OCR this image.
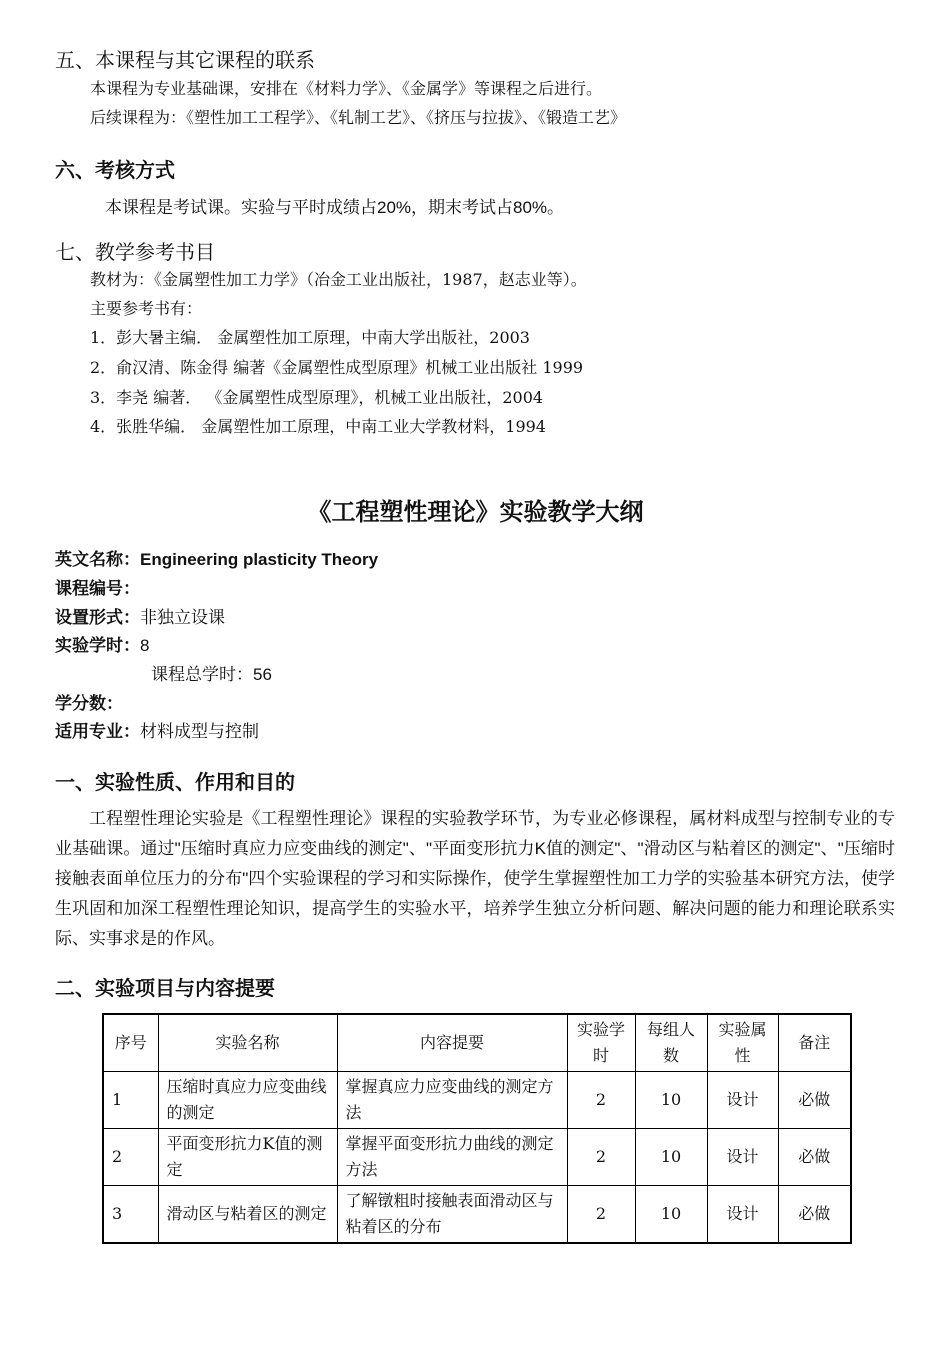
五、本课程与其它课程的联系
本课程为专业基础课，安排在《材料力学》、《金属学》等课程之后进行。
后续课程为：《塑性加工工程学》、《轧制工艺》、《挤压与拉拔》、《锻造工艺》
六、考核方式
本课程是考试课。实验与平时成绩占20%，期末考试占80%。
七、教学参考书目
教材为：《金属塑性加工力学》（冶金工业出版社，1987，赵志业等）。
主要参考书有：
1．彭大暑主编． 金属塑性加工原理，中南大学出版社，2003
2．俞汉清、陈金得 编著《金属塑性成型原理》机械工业出版社 1999
3．李尧 编著． 《金属塑性成型原理》，机械工业出版社，2004
4．张胜华编． 金属塑性加工原理，中南工业大学教材料，1994
《工程塑性理论》实验教学大纲
英文名称：Engineering plasticity Theory
课程编号：
设置形式：非独立设课
实验学时：8
课程总学时：56
学分数：
适用专业：材料成型与控制
一、实验性质、作用和目的
工程塑性理论实验是《工程塑性理论》课程的实验教学环节，为专业必修课程，属材料成型与控制专业的专业基础课。通过"压缩时真应力应变曲线的测定"、"平面变形抗力K值的测定"、"滑动区与粘着区的测定"、"压缩时接触表面单位压力的分布"四个实验课程的学习和实际操作，使学生掌握塑性加工力学的实验基本研究方法，使学生巩固和加深工程塑性理论知识，提高学生的实验水平，培养学生独立分析问题、解决问题的能力和理论联系实际、实事求是的作风。
二、实验项目与内容提要
序号	实验名称	内容提要	实验学时	每组人数	实验属性	备注
1	压缩时真应力应变曲线的测定	掌握真应力应变曲线的测定方法	2	10	设计	必做
2	平面变形抗力K值的测定	掌握平面变形抗力曲线的测定方法	2	10	设计	必做
3	滑动区与粘着区的测定	了解镦粗时接触表面滑动区与粘着区的分布	2	10	设计	必做
